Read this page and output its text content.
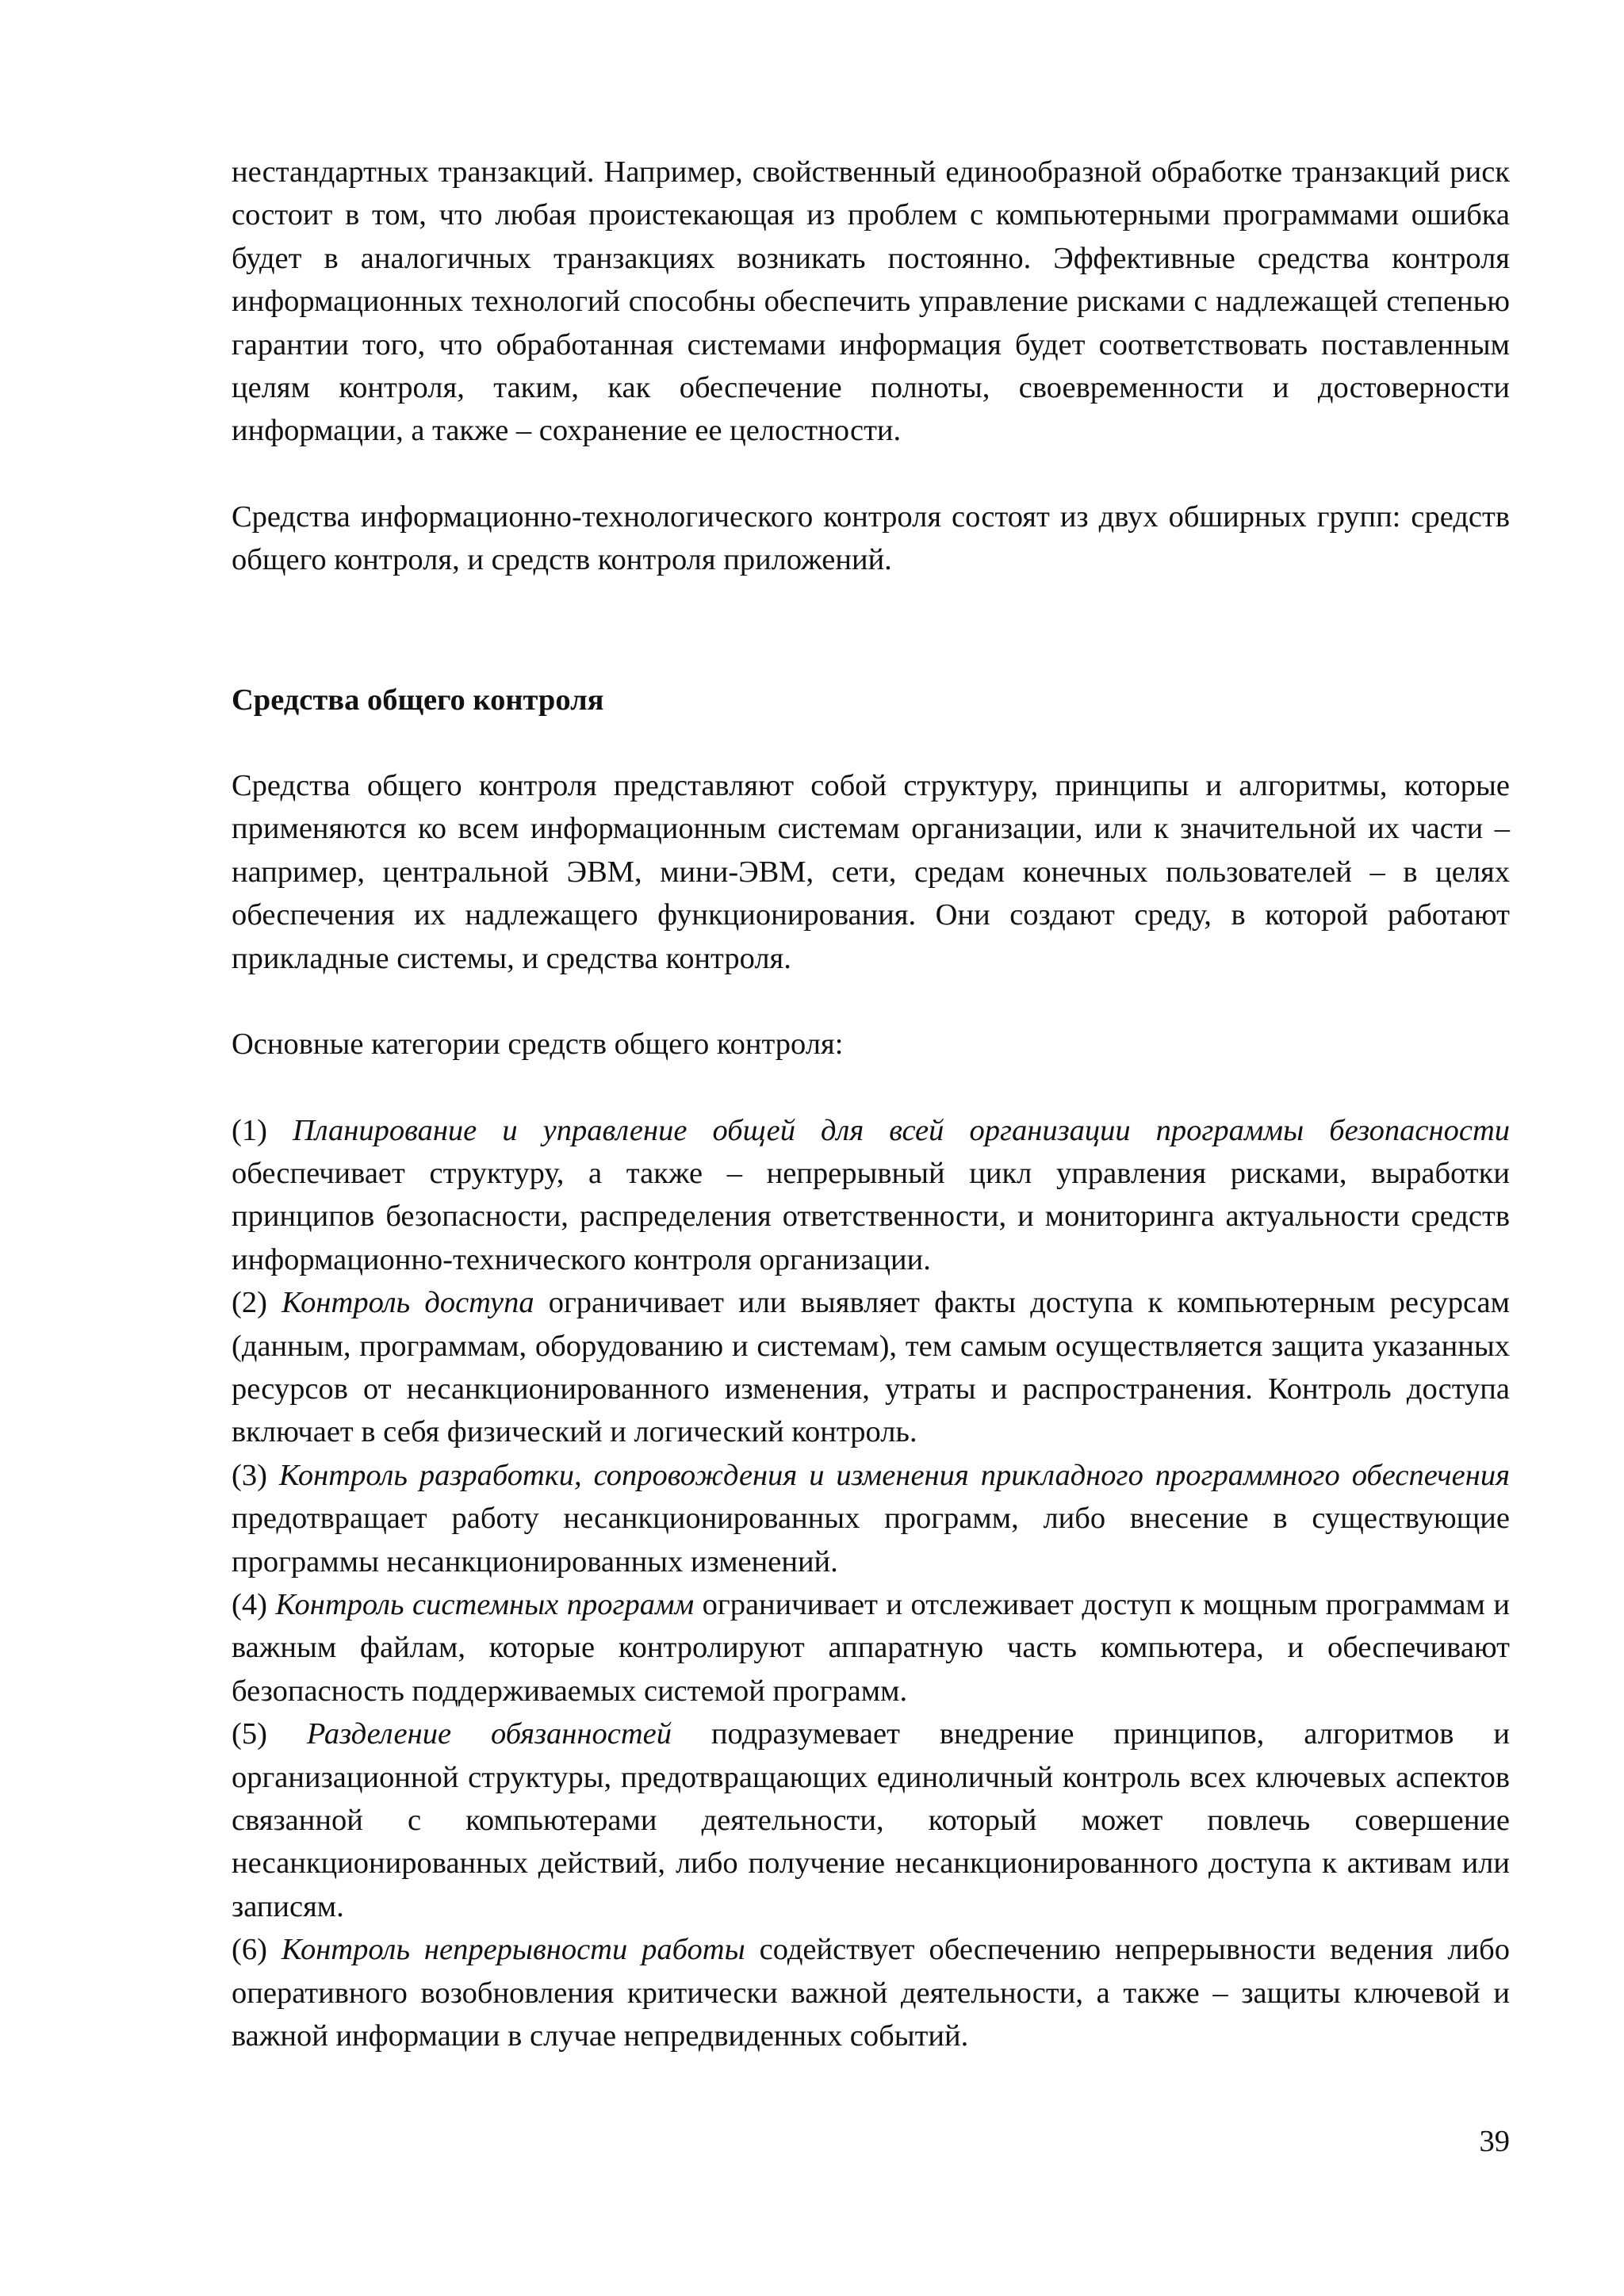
нестандартных транзакций. Например, свойственный единообразной обработке транзакций риск состоит в том, что любая проистекающая из проблем с компьютерными программами ошибка будет в аналогичных транзакциях возникать постоянно. Эффективные средства контроля информационных технологий способны обеспечить управление рисками с надлежащей степенью гарантии того, что обработанная системами информация будет соответствовать поставленным целям контроля, таким, как обеспечение полноты, своевременности и достоверности информации, а также – сохранение ее целостности.

Средства информационно-технологического контроля состоят из двух обширных групп: средств общего контроля, и средств контроля приложений.

Средства общего контроля

Средства общего контроля представляют собой структуру, принципы и алгоритмы, которые применяются ко всем информационным системам организации, или к значительной их части – например, центральной ЭВМ, мини-ЭВМ, сети, средам конечных пользователей – в целях обеспечения их надлежащего функционирования. Они создают среду, в которой работают прикладные системы, и средства контроля.

Основные категории средств общего контроля:

(1) Планирование и управление общей для всей организации программы безопасности обеспечивает структуру, а также – непрерывный цикл управления рисками, выработки принципов безопасности, распределения ответственности, и мониторинга актуальности средств информационно-технического контроля организации.

(2) Контроль доступа ограничивает или выявляет факты доступа к компьютерным ресурсам (данным, программам, оборудованию и системам), тем самым осуществляется защита указанных ресурсов от несанкционированного изменения, утраты и распространения. Контроль доступа включает в себя физический и логический контроль.

(3) Контроль разработки, сопровождения и изменения прикладного программного обеспечения предотвращает работу несанкционированных программ, либо внесение в существующие программы несанкционированных изменений.

(4) Контроль системных программ ограничивает и отслеживает доступ к мощным программам и важным файлам, которые контролируют аппаратную часть компьютера, и обеспечивают безопасность поддерживаемых системой программ.

(5) Разделение обязанностей подразумевает внедрение принципов, алгоритмов и организационной структуры, предотвращающих единоличный контроль всех ключевых аспектов связанной с компьютерами деятельности, который может повлечь совершение несанкционированных действий, либо получение несанкционированного доступа к активам или записям.

(6) Контроль непрерывности работы содействует обеспечению непрерывности ведения либо оперативного возобновления критически важной деятельности, а также – защиты ключевой и важной информации в случае непредвиденных событий.

39
